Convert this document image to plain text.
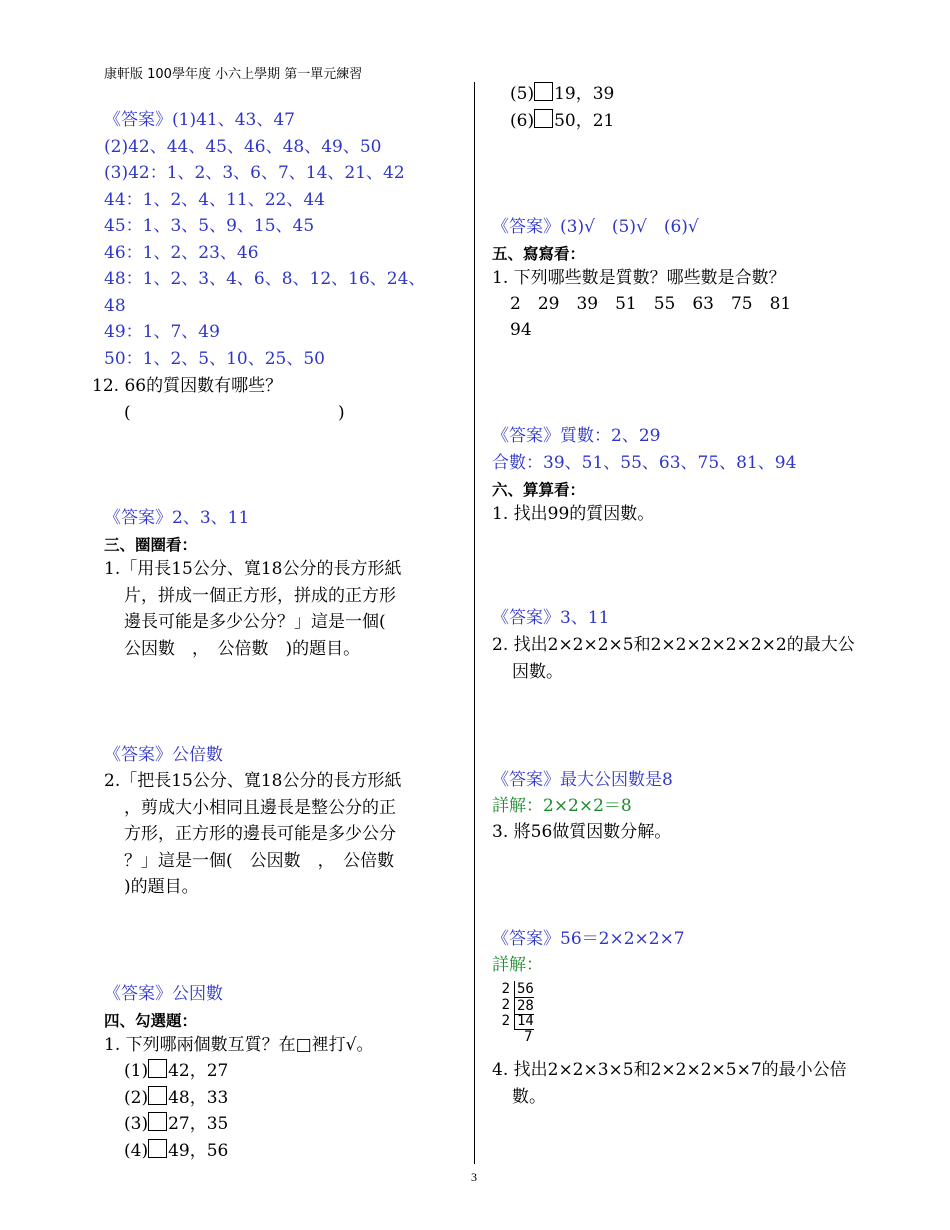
康軒版 100學年度 小六上學期 第一單元練習
3
《答案》(1)41、43、47
(2)42、44、45、46、48、49、50
(3)42：1、2、3、6、7、14、21、42
44：1、2、4、11、22、44
45：1、3、5、9、15、45
46：1、2、23、46
48：1、2、3、4、6、8、12、16、24、
48
49：1、7、49
50：1、2、5、10、25、50
12. 66的質因數有哪些？
(	)
《答案》2、3、11
三、圈圈看：
1.「用長15公分、寬18公分的長方形紙
片，拼成一個正方形，拼成的正方形
邊長可能是多少公分？」這是一個(
公因數　，　公倍數　)的題目。
《答案》公倍數
2.「把長15公分、寬18公分的長方形紙
，剪成大小相同且邊長是整公分的正
方形，正方形的邊長可能是多少公分
？」這是一個(　公因數　，　公倍數
)的題目。
《答案》公因數
四、勾選題：
1. 下列哪兩個數互質？在□裡打√。
(1) 42，27
(2) 48，33
(3) 27，35
(4) 49，56
(5) 19，39
(6) 50，21
《答案》(3)√　(5)√　(6)√
五、寫寫看：
1. 下列哪些數是質數？哪些數是合數？
2　29　39　51　55　63　75　81
94
《答案》質數：2、29
合數：39、51、55、63、75、81、94
六、算算看：
1. 找出99的質因數。
《答案》3、11
2. 找出2×2×2×5和2×2×2×2×2×2的最大公
因數。
《答案》最大公因數是8
詳解：2×2×2＝8
3. 將56做質因數分解。
《答案》56＝2×2×2×7
詳解：
2 56
2 28
2 14
7
4. 找出2×2×3×5和2×2×2×5×7的最小公倍
數。
